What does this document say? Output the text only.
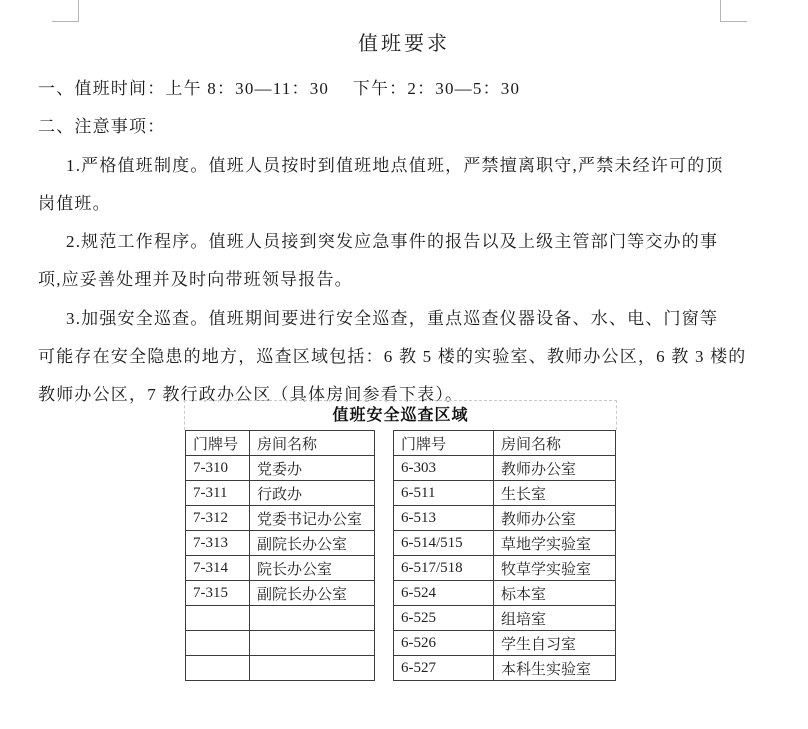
值班要求
一、值班时间：上午 8：30—11：30　 下午：2：30—5：30
二、注意事项：
1.严格值班制度。值班人员按时到值班地点值班，严禁擅离职守,严禁未经许可的顶
岗值班。
2.规范工作程序。值班人员接到突发应急事件的报告以及上级主管部门等交办的事
项,应妥善处理并及时向带班领导报告。
3.加强安全巡查。值班期间要进行安全巡查，重点巡查仪器设备、水、电、门窗等
可能存在安全隐患的地方，巡查区域包括：6 教 5 楼的实验室、教师办公区，6 教 3 楼的
教师办公区，7 教行政办公区（具体房间参看下表）。
值班安全巡查区域
门牌号	房间名称
7-310	党委办
7-311	行政办
7-312	党委书记办公室
7-313	副院长办公室
7-314	院长办公室
7-315	副院长办公室

门牌号	房间名称
6-303	教师办公室
6-511	生长室
6-513	教师办公室
6-514/515	草地学实验室
6-517/518	牧草学实验室
6-524	标本室
6-525	组培室
6-526	学生自习室
6-527	本科生实验室
